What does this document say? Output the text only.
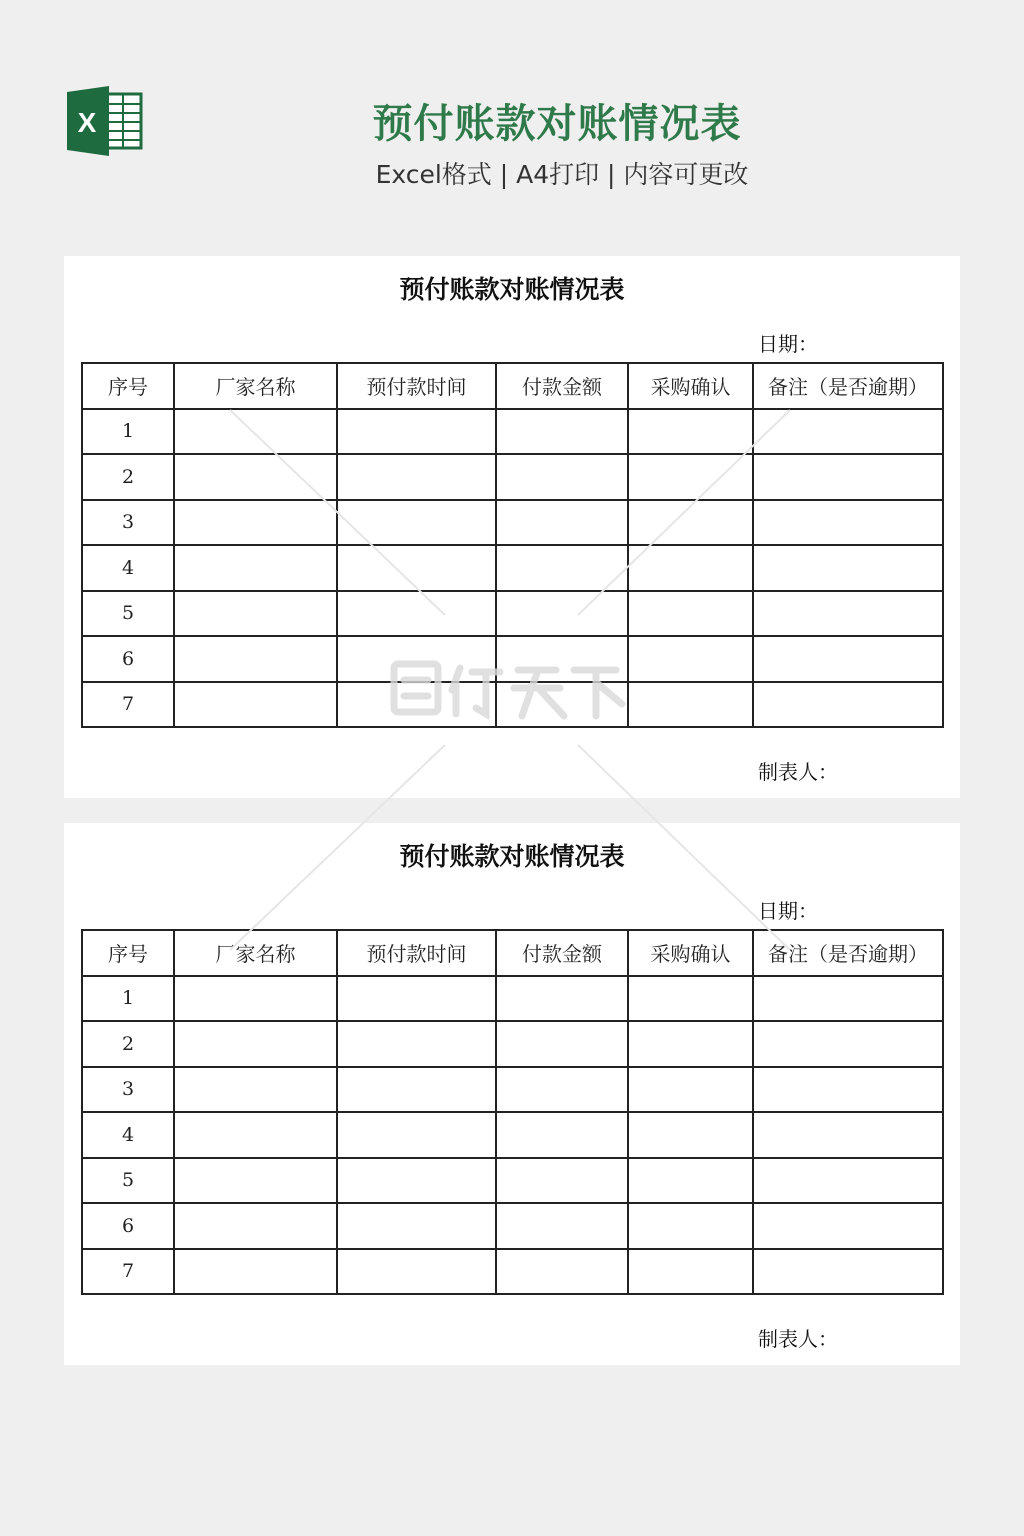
X	预付账款对账情况表
Excel格式 | A4打印 | 内容可更改
预付账款对账情况表
日期：
序号	厂家名称	预付款时间	付款金额	采购确认	备注（是否逾期）
1					
2					
3					
4					
5					
6					
7					
制表人：
预付账款对账情况表
日期：
序号	厂家名称	预付款时间	付款金额	采购确认	备注（是否逾期）
1					
2					
3					
4					
5					
6					
7					
制表人：
